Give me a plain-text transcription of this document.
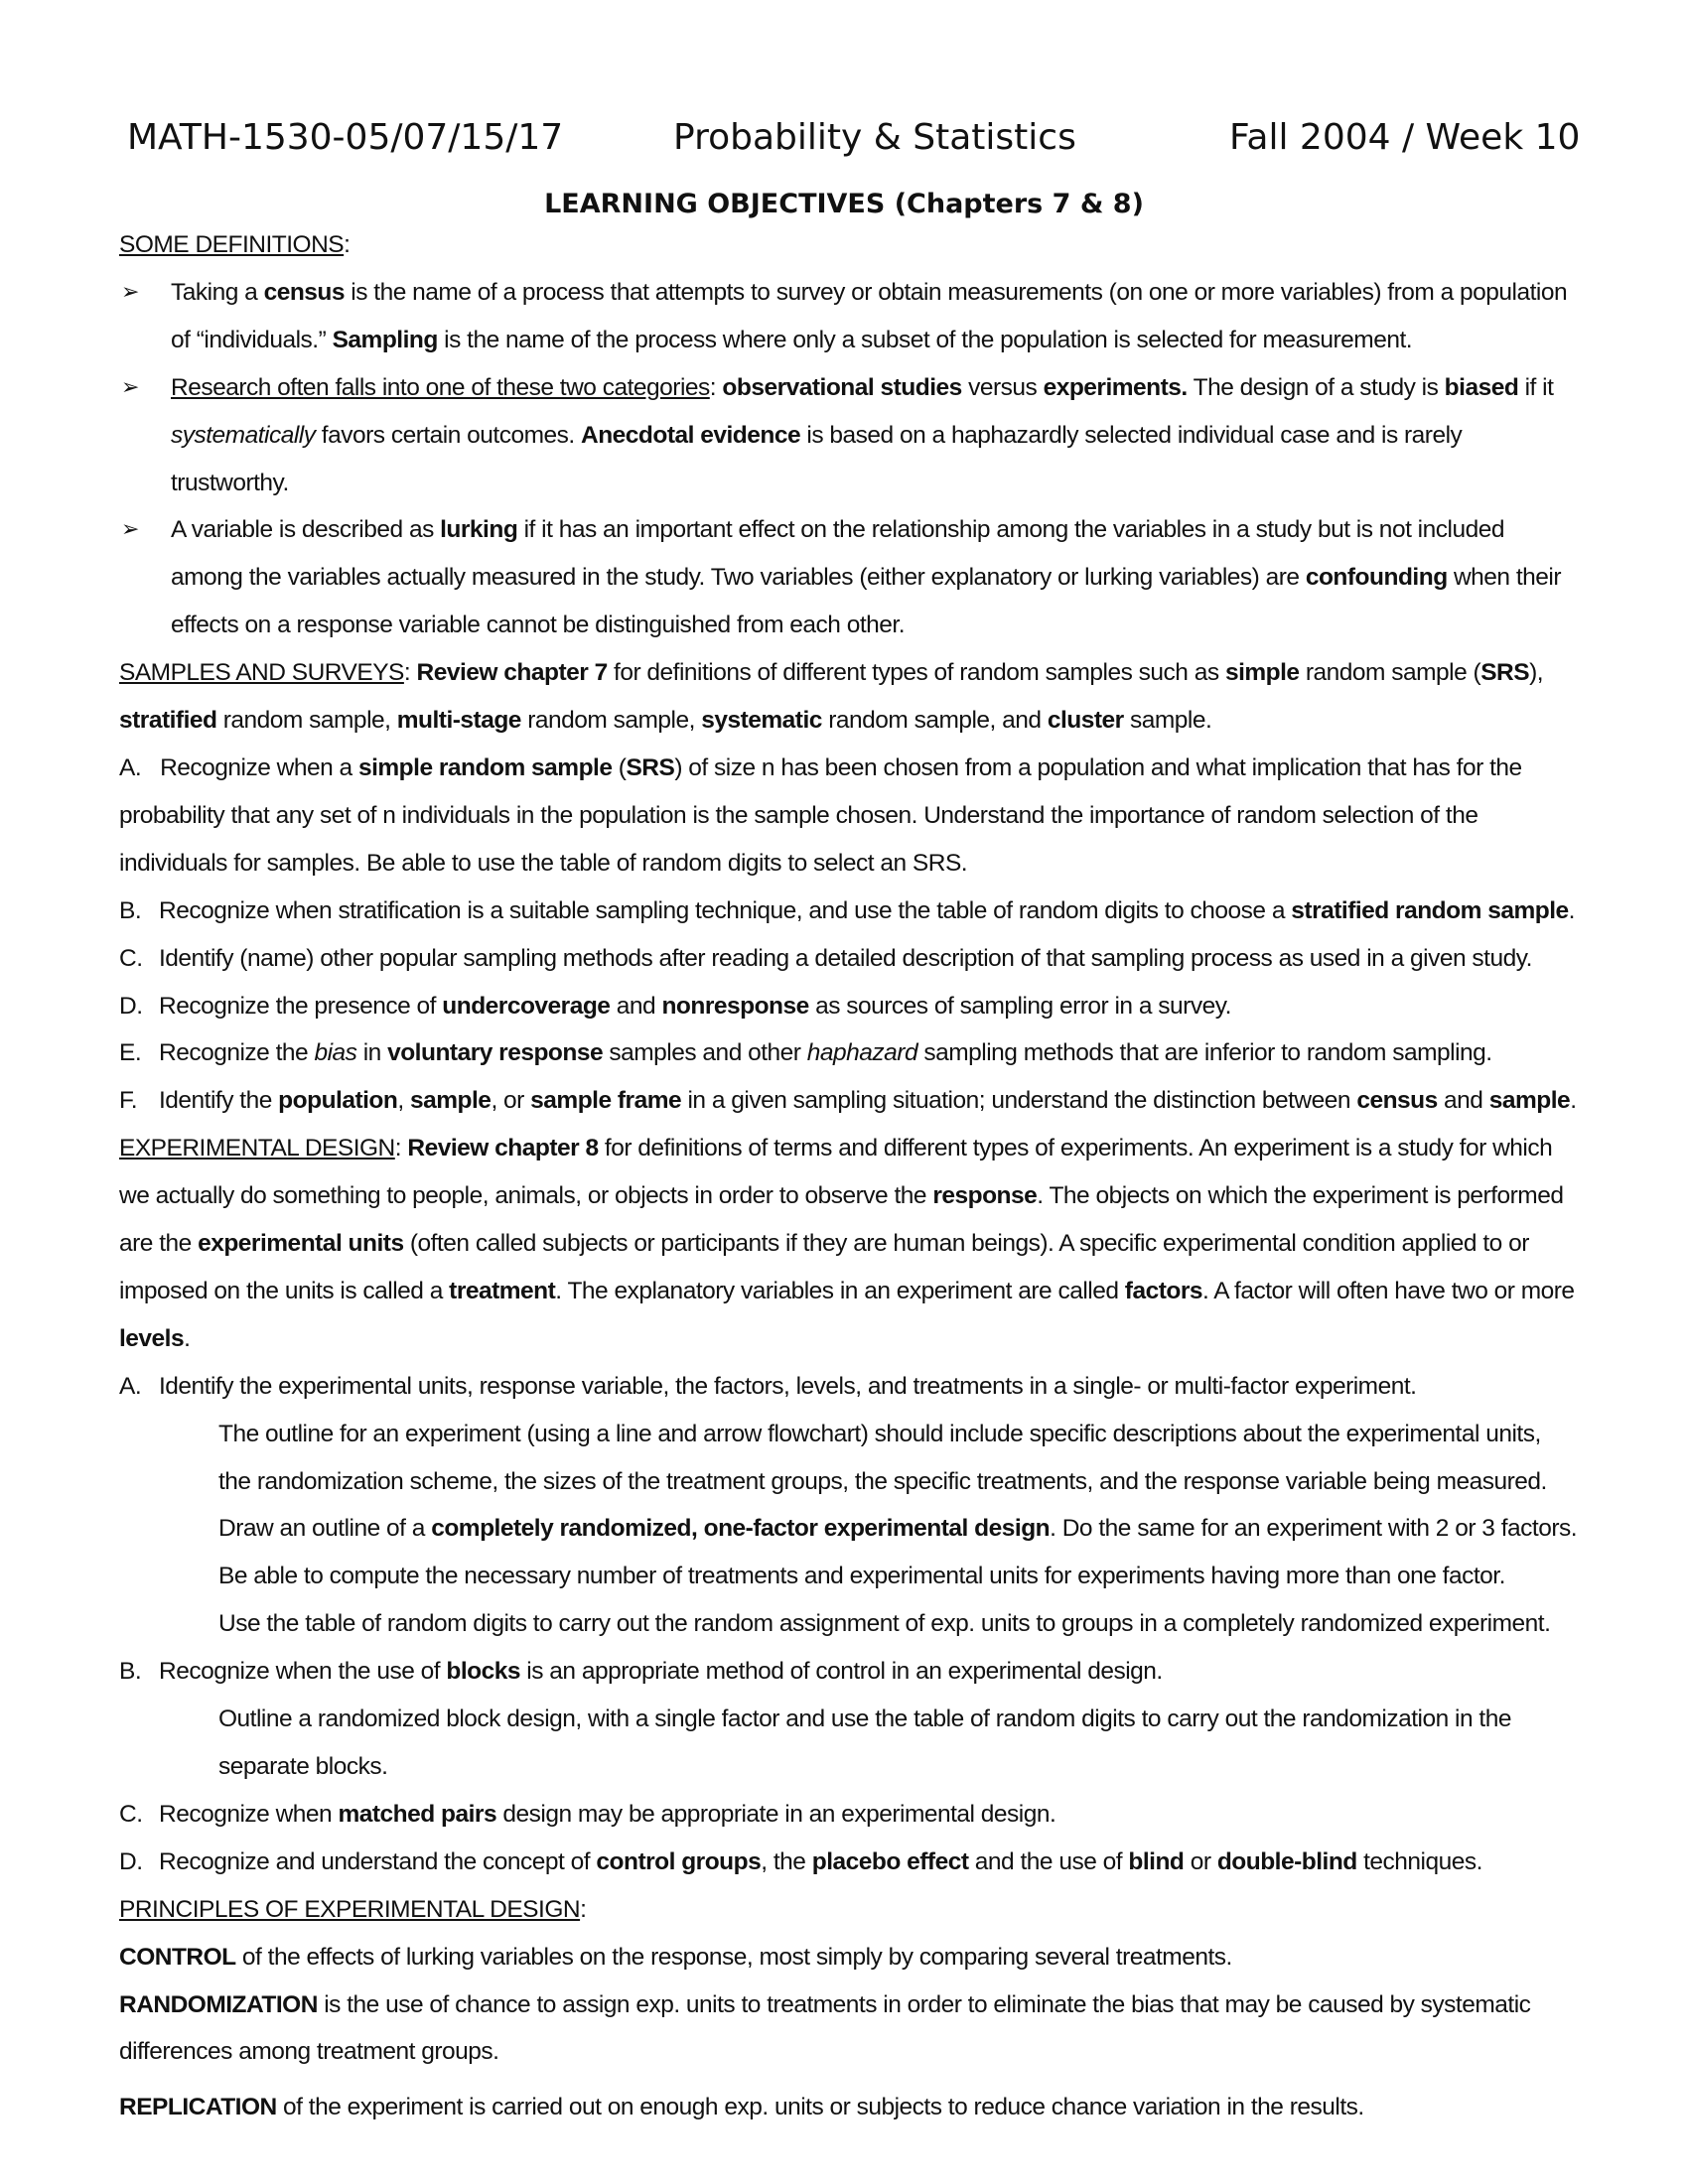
MATH-1530-05/07/15/17	Probability & Statistics	Fall 2004 / Week 10
LEARNING OBJECTIVES (Chapters 7 & 8)

SOME DEFINITIONS:

➢	Taking a census is the name of a process that attempts to survey or obtain measurements (on one or more variables) from a population of “individuals.” Sampling is the name of the process where only a subset of the population is selected for measurement.
➢	Research often falls into one of these two categories: observational studies versus experiments. The design of a study is biased if it systematically favors certain outcomes. Anecdotal evidence is based on a haphazardly selected individual case and is rarely trustworthy.
➢	A variable is described as lurking if it has an important effect on the relationship among the variables in a study but is not included among the variables actually measured in the study. Two variables (either explanatory or lurking variables) are confounding when their effects on a response variable cannot be distinguished from each other.

SAMPLES AND SURVEYS: Review chapter 7 for definitions of different types of random samples such as simple random sample (SRS), stratified random sample, multi-stage random sample, systematic random sample, and cluster sample.

A. Recognize when a simple random sample (SRS) of size n has been chosen from a population and what implication that has for the probability that any set of n individuals in the population is the sample chosen. Understand the importance of random selection of the individuals for samples. Be able to use the table of random digits to select an SRS.

B. Recognize when stratification is a suitable sampling technique, and use the table of random digits to choose a stratified random sample.
C. Identify (name) other popular sampling methods after reading a detailed description of that sampling process as used in a given study.
D. Recognize the presence of undercoverage and nonresponse as sources of sampling error in a survey.
E. Recognize the bias in voluntary response samples and other haphazard sampling methods that are inferior to random sampling.
F. Identify the population, sample, or sample frame in a given sampling situation; understand the distinction between census and sample.

EXPERIMENTAL DESIGN: Review chapter 8 for definitions of terms and different types of experiments. An experiment is a study for which we actually do something to people, animals, or objects in order to observe the response. The objects on which the experiment is performed are the experimental units (often called subjects or participants if they are human beings). A specific experimental condition applied to or imposed on the units is called a treatment. The explanatory variables in an experiment are called factors. A factor will often have two or more levels.

A. Identify the experimental units, response variable, the factors, levels, and treatments in a single- or multi-factor experiment.

The outline for an experiment (using a line and arrow flowchart) should include specific descriptions about the experimental units, the randomization scheme, the sizes of the treatment groups, the specific treatments, and the response variable being measured.

Draw an outline of a completely randomized, one-factor experimental design. Do the same for an experiment with 2 or 3 factors.

Be able to compute the necessary number of treatments and experimental units for experiments having more than one factor.

Use the table of random digits to carry out the random assignment of exp. units to groups in a completely randomized experiment.

B. Recognize when the use of blocks is an appropriate method of control in an experimental design.

Outline a randomized block design, with a single factor and use the table of random digits to carry out the randomization in the separate blocks.

C. Recognize when matched pairs design may be appropriate in an experimental design.
D. Recognize and understand the concept of control groups, the placebo effect and the use of blind or double-blind techniques.

PRINCIPLES OF EXPERIMENTAL DESIGN:

CONTROL of the effects of lurking variables on the response, most simply by comparing several treatments.

RANDOMIZATION is the use of chance to assign exp. units to treatments in order to eliminate the bias that may be caused by systematic differences among treatment groups.

REPLICATION of the experiment is carried out on enough exp. units or subjects to reduce chance variation in the results.
